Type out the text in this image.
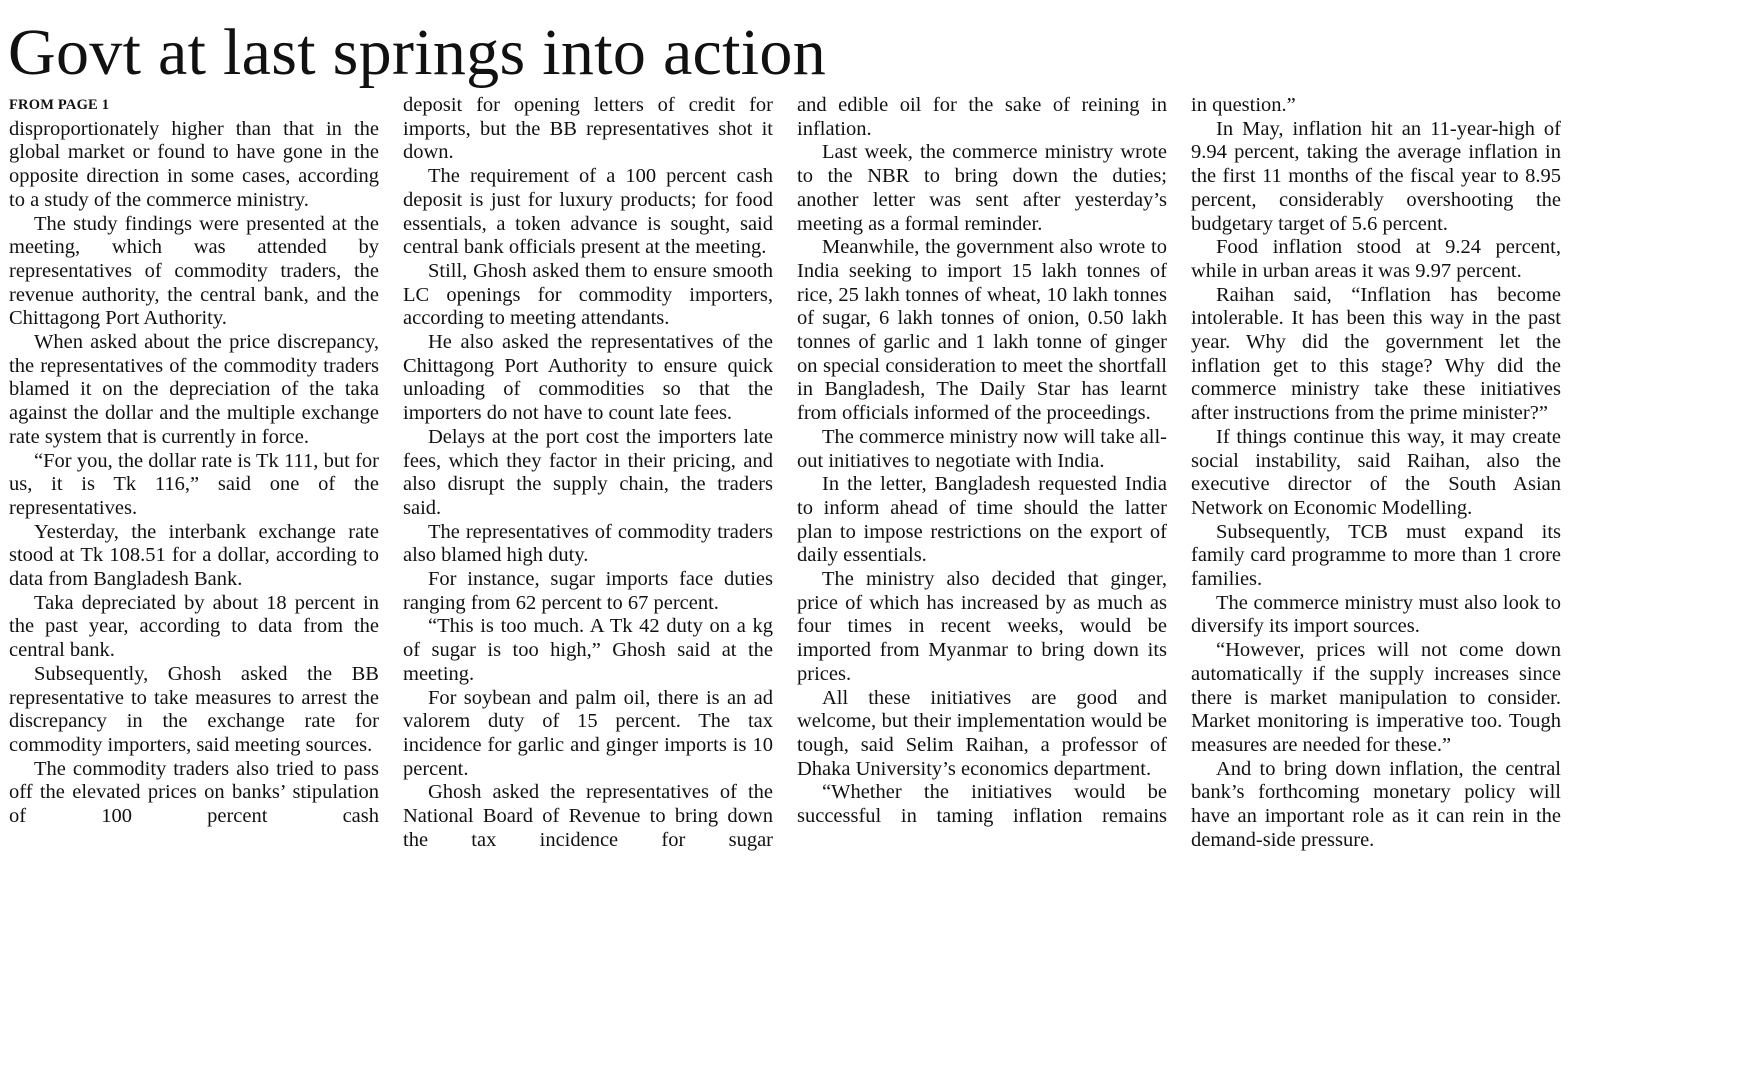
Govt at last springs into action
FROM PAGE 1

disproportionately higher than that in the global market or found to have gone in the opposite direction in some cases, according to a study of the commerce ministry.

The study findings were presented at the meeting, which was attended by representatives of commodity traders, the revenue authority, the central bank, and the Chittagong Port Authority.

When asked about the price discrepancy, the representatives of the commodity traders blamed it on the depreciation of the taka against the dollar and the multiple exchange rate system that is currently in force.

“For you, the dollar rate is Tk 111, but for us, it is Tk 116,” said one of the representatives.

Yesterday, the interbank exchange rate stood at Tk 108.51 for a dollar, according to data from Bangladesh Bank.

Taka depreciated by about 18 percent in the past year, according to data from the central bank.

Subsequently, Ghosh asked the BB representative to take measures to arrest the discrepancy in the exchange rate for commodity importers, said meeting sources.

The commodity traders also tried to pass off the elevated prices on banks’ stipulation of 100 percent cash

deposit for opening letters of credit for imports, but the BB representatives shot it down.

The requirement of a 100 percent cash deposit is just for luxury products; for food essentials, a token advance is sought, said central bank officials present at the meeting.

Still, Ghosh asked them to ensure smooth LC openings for commodity importers, according to meeting attendants.

He also asked the representatives of the Chittagong Port Authority to ensure quick unloading of commodities so that the importers do not have to count late fees.

Delays at the port cost the importers late fees, which they factor in their pricing, and also disrupt the supply chain, the traders said.

The representatives of commodity traders also blamed high duty.

For instance, sugar imports face duties ranging from 62 percent to 67 percent.

“This is too much. A Tk 42 duty on a kg of sugar is too high,” Ghosh said at the meeting.

For soybean and palm oil, there is an ad valorem duty of 15 percent. The tax incidence for garlic and ginger imports is 10 percent.

Ghosh asked the representatives of the National Board of Revenue to bring down the tax incidence for sugar

and edible oil for the sake of reining in inflation.

Last week, the commerce ministry wrote to the NBR to bring down the duties; another letter was sent after yesterday’s meeting as a formal reminder.

Meanwhile, the government also wrote to India seeking to import 15 lakh tonnes of rice, 25 lakh tonnes of wheat, 10 lakh tonnes of sugar, 6 lakh tonnes of onion, 0.50 lakh tonnes of garlic and 1 lakh tonne of ginger on special consideration to meet the shortfall in Bangladesh, The Daily Star has learnt from officials informed of the proceedings.

The commerce ministry now will take all-out initiatives to negotiate with India.

In the letter, Bangladesh requested India to inform ahead of time should the latter plan to impose restrictions on the export of daily essentials.

The ministry also decided that ginger, price of which has increased by as much as four times in recent weeks, would be imported from Myanmar to bring down its prices.

All these initiatives are good and welcome, but their implementation would be tough, said Selim Raihan, a professor of Dhaka University’s economics department.

“Whether the initiatives would be successful in taming inflation remains

in question.”

In May, inflation hit an 11-year-high of 9.94 percent, taking the average inflation in the first 11 months of the fiscal year to 8.95 percent, considerably overshooting the budgetary target of 5.6 percent.

Food inflation stood at 9.24 percent, while in urban areas it was 9.97 percent.

Raihan said, “Inflation has become intolerable. It has been this way in the past year. Why did the government let the inflation get to this stage? Why did the commerce ministry take these initiatives after instructions from the prime minister?”

If things continue this way, it may create social instability, said Raihan, also the executive director of the South Asian Network on Economic Modelling.

Subsequently, TCB must expand its family card programme to more than 1 crore families.

The commerce ministry must also look to diversify its import sources.

“However, prices will not come down automatically if the supply increases since there is market manipulation to consider. Market monitoring is imperative too. Tough measures are needed for these.”

And to bring down inflation, the central bank’s forthcoming monetary policy will have an important role as it can rein in the demand-side pressure.
